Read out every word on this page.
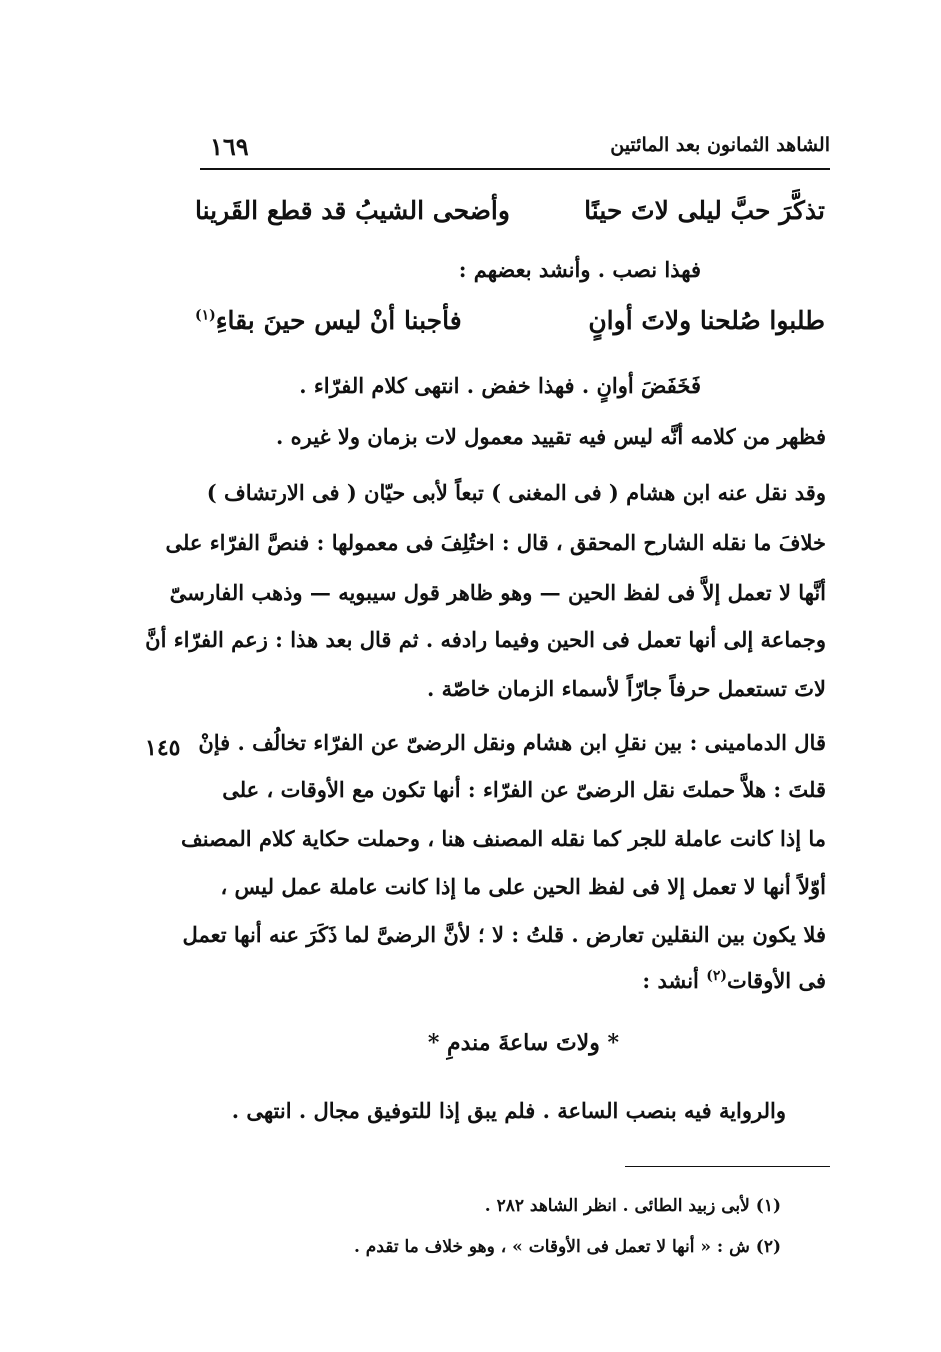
الشاهد الثمانون بعد المائتين
١٦٩
تذكَّرَ حبَّ ليلى لاتَ حينًا
وأضحى الشيبُ قد قطع القَرينا
فهذا نصب . وأنشد بعضهم :
طلبوا صُلحنا ولاتَ أوانٍ
فأجبنا أنْ ليس حينَ بقاءِ$^{(١)}$
فَخَفَضَ أوانٍ . فهذا خفض . انتهى كلام الفرّاء .
فظهر من كلامه أنَّه ليس فيه تقييد معمول لات بزمان ولا غيره .
وقد نقل عنه ابن هشام ( فى المغنى ) تبعاً لأبى حيّان ( فى الارتشاف )
خلافَ ما نقله الشارح المحقق ، قال : اختُلِفَ فى معمولها : فنصَّ الفرّاء على
أنَّها لا تعمل إلاَّ فى لفظ الحين — وهو ظاهر قول سيبويه — وذهب الفارسىّ
وجماعة إلى أنها تعمل فى الحين وفيما رادفه . ثم قال بعد هذا : زعم الفرّاء أنَّ
لاتَ تستعمل حرفاً جارّاً لأسماء الزمان خاصّة .
١٤٥ قال الدمامينى : بين نقلِ ابن هشام ونقل الرضىّ عن الفرّاء تخالُف . فإنْ
قلتَ : هلاَّ حملتَ نقل الرضىّ عن الفرّاء : أنها تكون مع الأوقات ، على
ما إذا كانت عاملة للجر كما نقله المصنف هنا ، وحملت حكاية كلام المصنف
أوّلاً أنها لا تعمل إلا فى لفظ الحين على ما إذا كانت عاملة عمل ليس ،
فلا يكون بين النقلين تعارض . قلتُ : لا ؛ لأنَّ الرضىَّ لما ذَكَرَ عنه أنها تعمل
فى الأوقات$^{(٢)}$ أنشد :
* ولاتَ ساعةَ مندمِ *
والرواية فيه بنصب الساعة . فلم يبق إذا للتوفيق مجال . انتهى .
(١) لأبى زبيد الطائى . انظر الشاهد ٢٨٢ .
(٢) ش : « أنها لا تعمل فى الأوقات » ، وهو خلاف ما تقدم .
